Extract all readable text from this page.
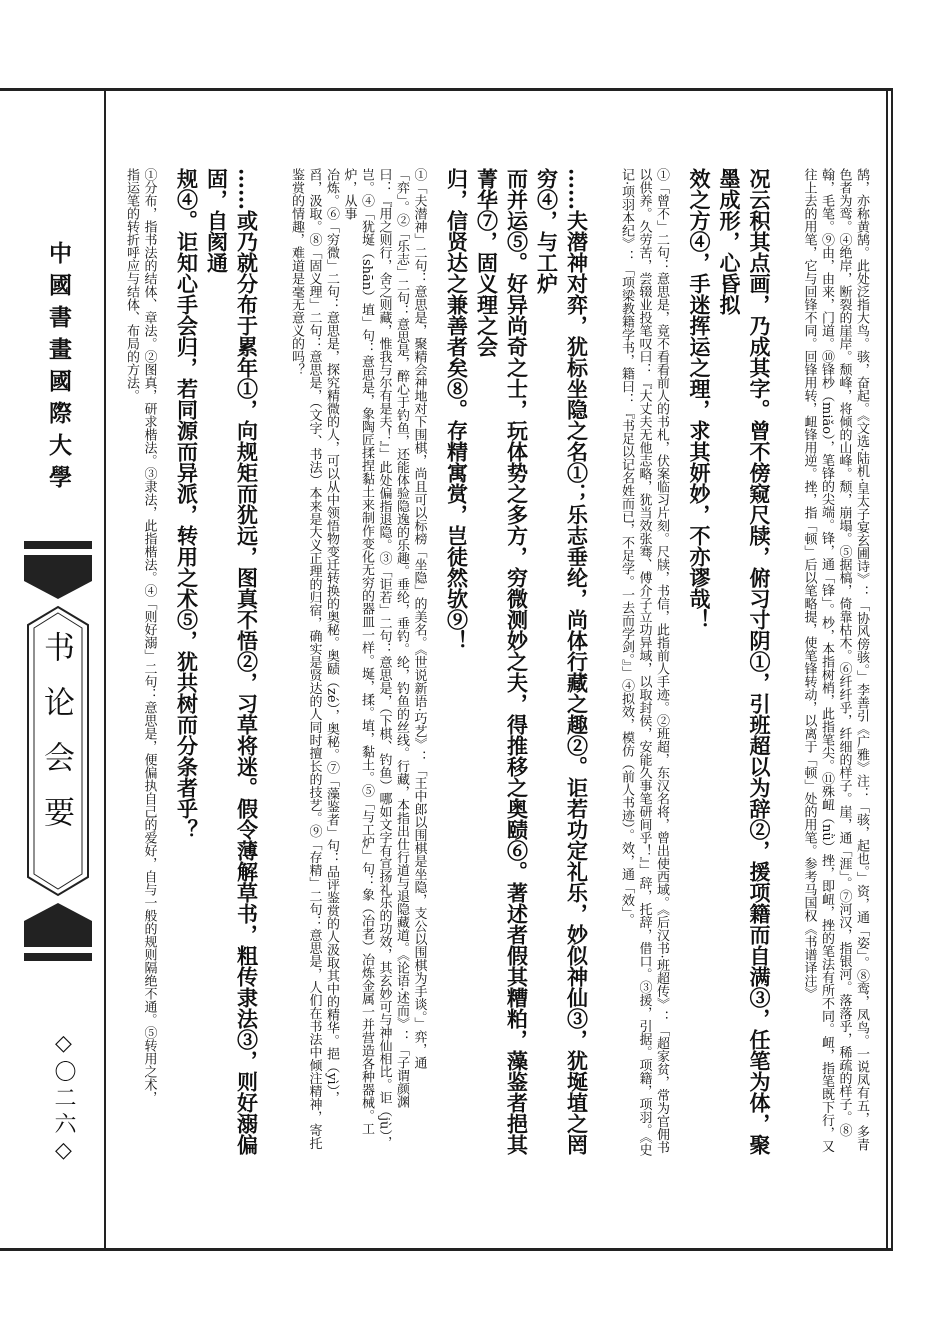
中國書畫國際大學
书论会要
◇〇二六◇	鹄，亦称黄鹄。此处泛指大鸟。骇，奋起。《文选·陆机·皇太子宴玄圃诗》：「协风傍骇。」李善引《广雅》注：「骇，起也。」资，通「姿」。⑧鸾，凤鸟。一说凤有五，多青色者为鸾。④绝岸，断裂的崖岸。颓峰，将倾的山峰。颓，崩塌。⑤据槁，倚靠枯木。⑥纤纤乎，纤细的样子。崖，通「涯」。⑦河汉，指银河。落落乎，稀疏的样子。⑧翰，毛笔。⑨由，由来，门道。⑩锋杪（miǎo），笔锋的尖端。锋，通「锋」。杪，本指树梢，此指笔尖。⑪殊衄（nǜ）挫，即衄，挫的笔法有所不同。衄，指笔既下行，又往上去的用笔，它与回锋不同。回锋用转，衄锋用逆。挫，指「顿」后以笔略提，使笔锋转动，以离于「顿」处的用笔。参考马国权《书谱译注》
况云积其点画，乃成其字。曾不傍窥尺牍，俯习寸阴①，引班超以为辞②，援项籍而自满③，任笔为体，聚墨成形，心昏拟
效之方④，手迷挥运之理，求其妍妙，不亦谬哉！
①「曾不」二句：意思是，竟不看看前人的书札，伏案临习片刻。尺牍，书信，此指前人手迹。②班超，东汉名将，曾出使西域。《后汉书·班超传》：「超家贫，常为官佣书以供养。久劳苦，尝辍业投笔叹曰：『大丈夫无他志略，犹当效张骞、傅介子立功异域，以取封侯，安能久事笔研间乎！』」辞，托辞，借口。③援，引据。项籍，项羽。《史记·项羽本纪》：「项梁教籍学书，籍曰：『书足以记名姓而已，不足学。一去而学剑。』」④拟效，模仿（前人书迹）。效，通「效」。
……夫潜神对弈，犹标坐隐之名①；乐志垂纶，尚体行藏之趣②。讵若功定礼乐，妙似神仙③，犹埏埴之罔穷④，与工炉
而并运⑤。好异尚奇之士，玩体势之多方，穷微测妙之夫，得推移之奥赜⑥。著述者假其糟粕，藻鉴者挹其菁华⑦，固义理之会
归，信贤达之兼善者矣⑧。存精寓赏，岂徒然欤⑨！
①「夫潜神」二句：意思是，聚精会神地对下围棋，尚且可以标榜「坐隐」的美名。《世说新语·巧艺》：「王中郎以围棋是坐隐，支公以围棋为手谈。」弈，通
「弈」。②「乐志」二句：意思是，醉心于钓鱼，还能体验隐逸的乐趣。垂纶，垂钓。纶，钓鱼的丝线。行藏，本指出仕行道与退隐藏道。《论语·述而》：「子谓颜渊
曰：『用之则行，舍之则藏，惟我与尔有是夫！』」此处偏指退隐。③「讵若」二句：意思是，（下棋、钓鱼）哪如文字有宣扬礼乐的功效，其玄妙可与神仙相比。讵（jù），
岂。④「犹埏（shān）埴」句：意思是，象陶匠揉捏黏土来制作变化无穷的器皿一样。埏，揉。埴，黏土。⑤「与工炉」句：象（冶者）冶炼金属一并营造各种器械。工炉，从事
冶炼。⑥「穷微」二句：意思是，探究精微的人，可以从中领悟物变迁转换的奥秘。奥赜（zé），奥秘。⑦「藻鉴者」句：品评鉴赏的人汲取其中的精华。挹（yì），
舀，汲取。⑧「固义理」二句：意思是，（文字、书法）本来是大义正理的归宿，确实是贤达的人同时擅长的技艺。⑨「存精」二句：意思是，人们在书法中倾注精神，寄托
鉴赏的情趣，难道是毫无意义的吗？
……或乃就分布于累年①，向规矩而犹远，图真不悟②，习草将迷。假令薄解草书，粗传隶法③，则好溺偏固，自阂通
规④。讵知心手会归，若同源而异派，转用之术⑤，犹共树而分条者乎？
①分布，指书法的结体、章法。②图真，研求楷法。③隶法，此指楷法。④「则好溺」二句：意思是，便偏执自己的爱好，自与一般的规则隔绝不通。⑤转用之术，
指运笔的转折呼应与结体、布局的方法。
